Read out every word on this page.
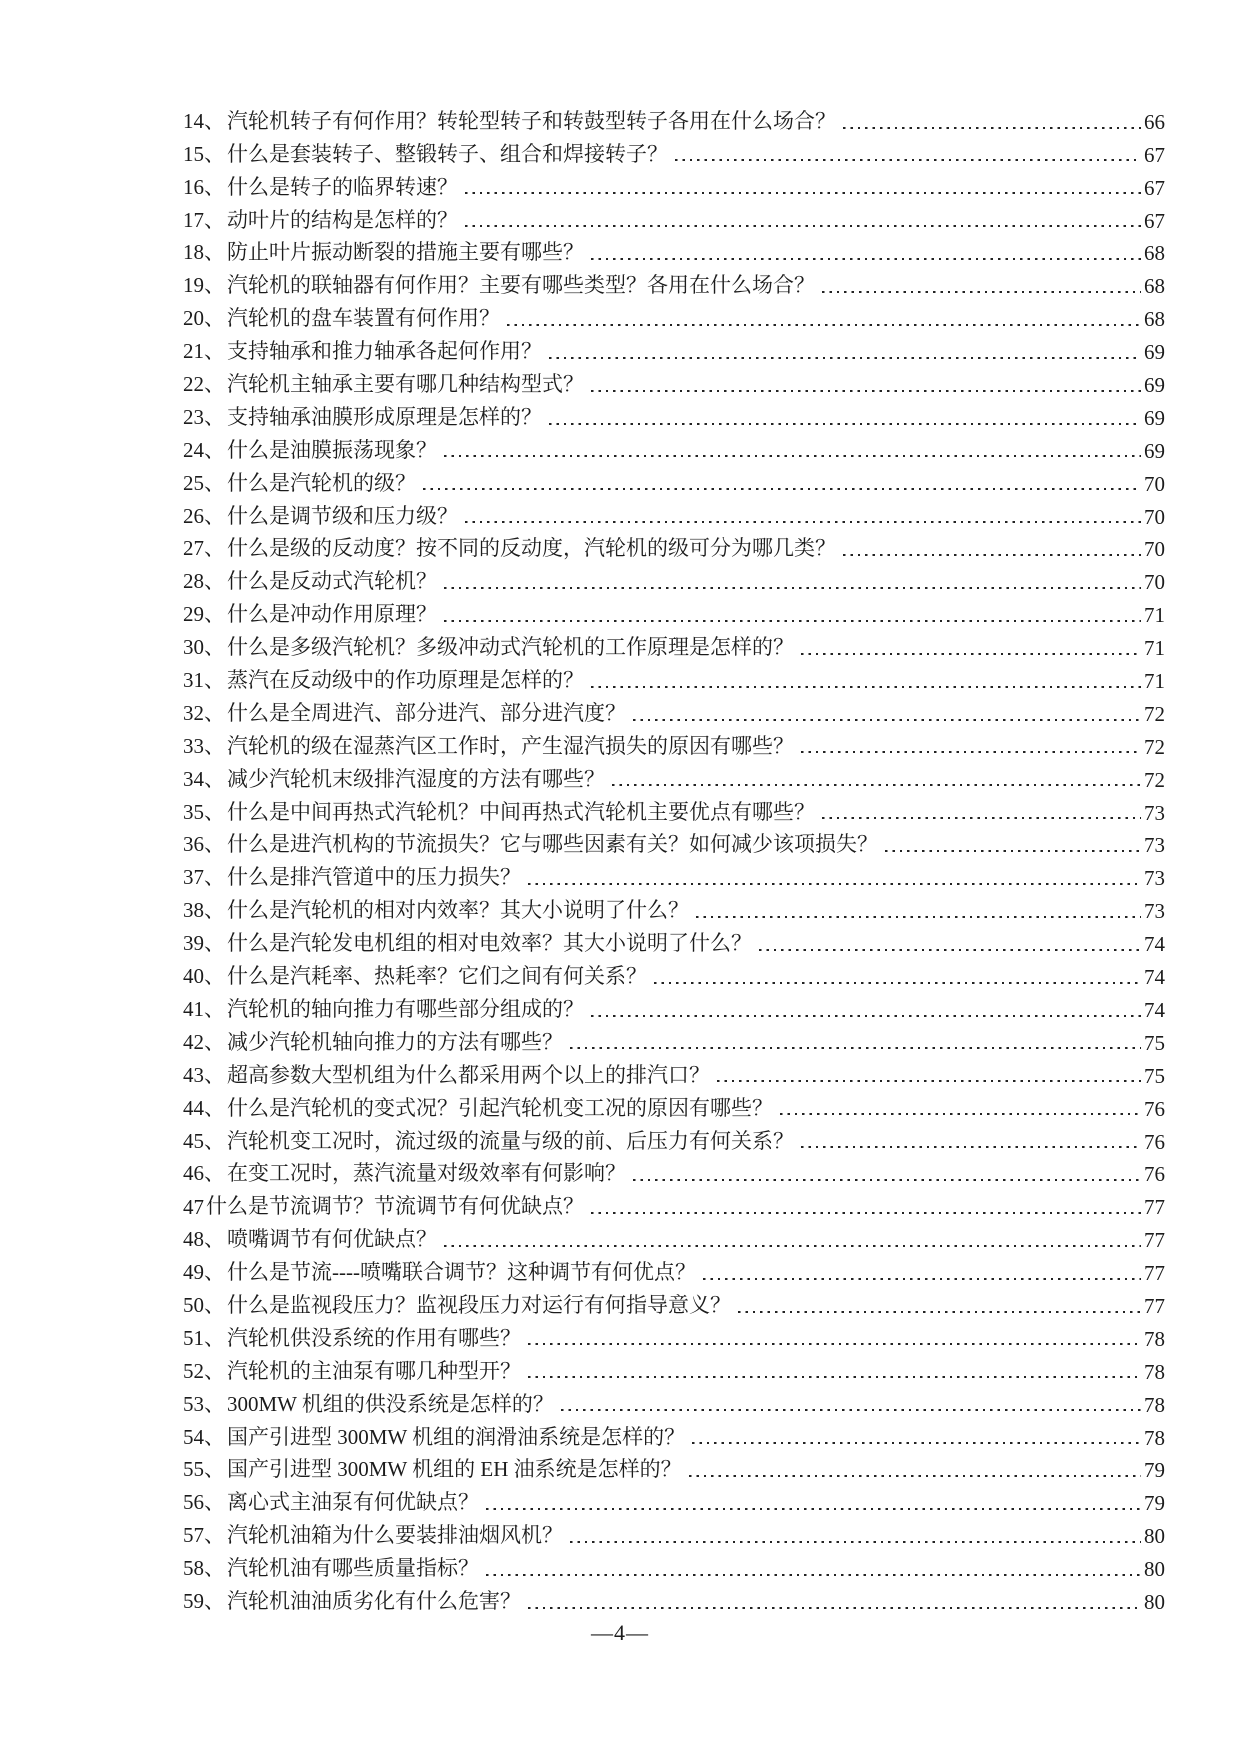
14、 汽轮机转子有何作用？转轮型转子和转鼓型转子各用在什么场合？	66
15、 什么是套装转子、整锻转子、组合和焊接转子？	67
16、 什么是转子的临界转速？	67
17、 动叶片的结构是怎样的？	67
18、 防止叶片振动断裂的措施主要有哪些？	68
19、 汽轮机的联轴器有何作用？主要有哪些类型？各用在什么场合？	68
20、 汽轮机的盘车装置有何作用？	68
21、 支持轴承和推力轴承各起何作用？	69
22、 汽轮机主轴承主要有哪几种结构型式？	69
23、 支持轴承油膜形成原理是怎样的？	69
24、 什么是油膜振荡现象？	69
25、 什么是汽轮机的级？	70
26、 什么是调节级和压力级？	70
27、 什么是级的反动度？按不同的反动度，汽轮机的级可分为哪几类？	70
28、 什么是反动式汽轮机？	70
29、 什么是冲动作用原理？	71
30、 什么是多级汽轮机？多级冲动式汽轮机的工作原理是怎样的？	71
31、 蒸汽在反动级中的作功原理是怎样的？	71
32、 什么是全周进汽、部分进汽、部分进汽度？	72
33、 汽轮机的级在湿蒸汽区工作时，产生湿汽损失的原因有哪些？	72
34、 减少汽轮机末级排汽湿度的方法有哪些？	72
35、 什么是中间再热式汽轮机？中间再热式汽轮机主要优点有哪些？	73
36、 什么是进汽机构的节流损失？它与哪些因素有关？如何减少该项损失？	73
37、 什么是排汽管道中的压力损失？	73
38、 什么是汽轮机的相对内效率？其大小说明了什么？	73
39、 什么是汽轮发电机组的相对电效率？其大小说明了什么？	74
40、 什么是汽耗率、热耗率？它们之间有何关系？	74
41、 汽轮机的轴向推力有哪些部分组成的？	74
42、 减少汽轮机轴向推力的方法有哪些？	75
43、 超高参数大型机组为什么都采用两个以上的排汽口？	75
44、 什么是汽轮机的变式况？引起汽轮机变工况的原因有哪些？	76
45、 汽轮机变工况时，流过级的流量与级的前、后压力有何关系？	76
46、 在变工况时，蒸汽流量对级效率有何影响？	76
47 什么是节流调节？节流调节有何优缺点？	77
48、 喷嘴调节有何优缺点？	77
49、 什么是节流----喷嘴联合调节？这种调节有何优点？	77
50、 什么是监视段压力？监视段压力对运行有何指导意义？	77
51、 汽轮机供没系统的作用有哪些？	78
52、 汽轮机的主油泵有哪几种型开？	78
53、 300MW 机组的供没系统是怎样的？	78
54、 国产引进型 300MW 机组的润滑油系统是怎样的？	78
55、 国产引进型 300MW 机组的 EH 油系统是怎样的？	79
56、 离心式主油泵有何优缺点？	79
57、 汽轮机油箱为什么要装排油烟风机？	80
58、 汽轮机油有哪些质量指标？	80
59、 汽轮机油油质劣化有什么危害？	80
—4—
